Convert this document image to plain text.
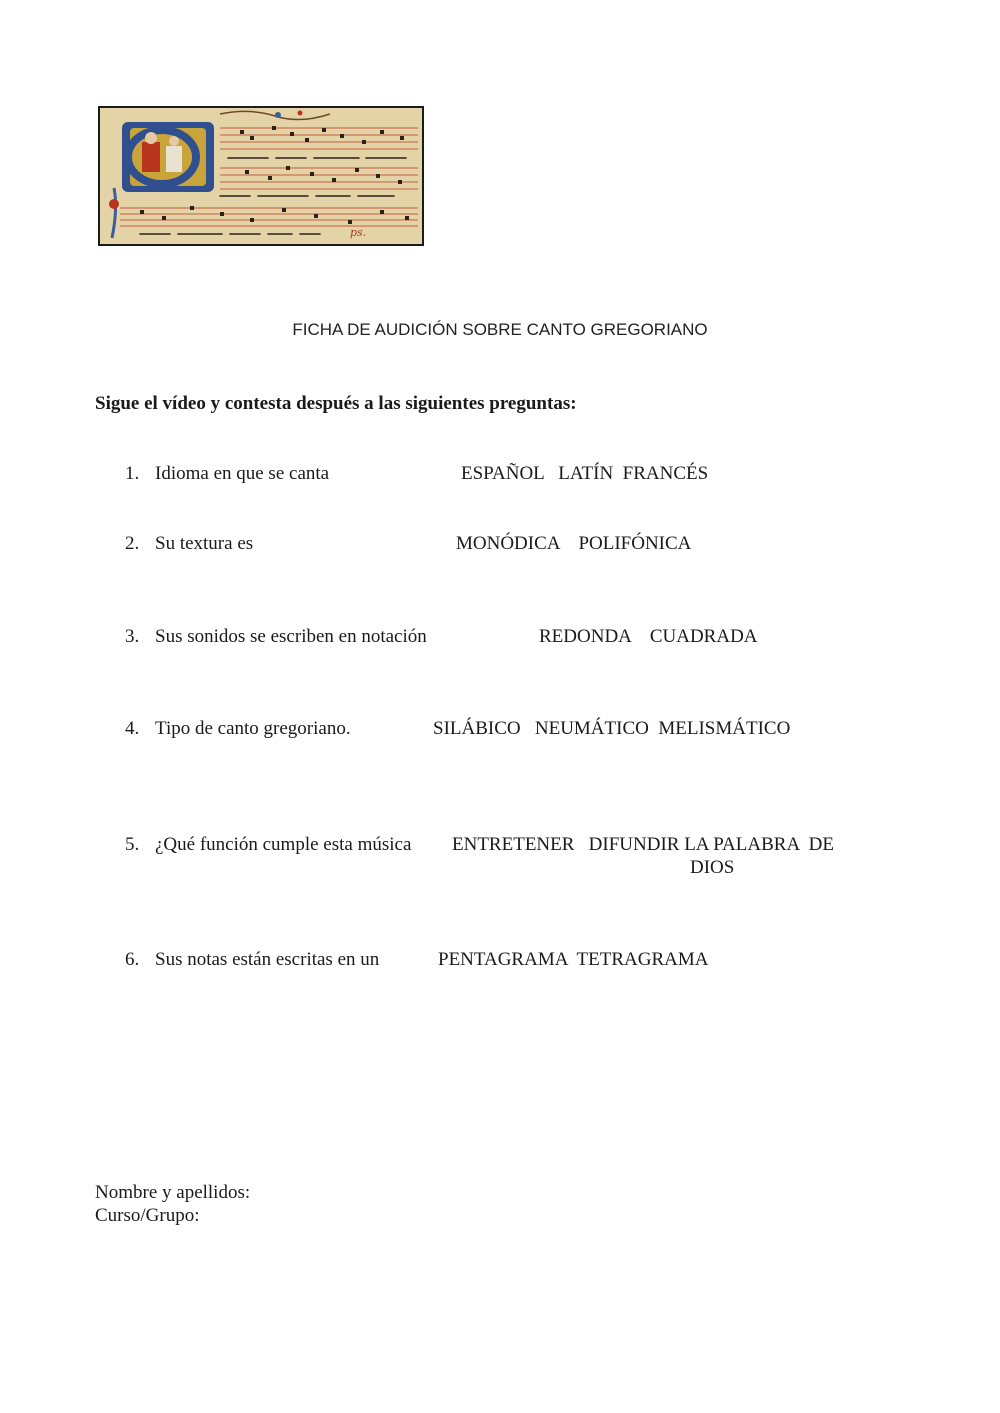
ps.
FICHA DE AUDICIÓN SOBRE CANTO GREGORIANO
Sigue el vídeo y contesta después a las siguientes preguntas:
1. Idioma en que se canta	ESPAÑOL   LATÍN  FRANCÉS
2. Su textura es	MONÓDICA    POLIFÓNICA
3. Sus sonidos se escriben en notación	REDONDA    CUADRADA
4. Tipo de canto gregoriano.	SILÁBICO   NEUMÁTICO  MELISMÁTICO
5. ¿Qué función cumple esta música ENTRETENER   DIFUNDIR LA PALABRA  DE
DIOS
6. Sus notas están escritas en un	PENTAGRAMA  TETRAGRAMA
Nombre y apellidos:
Curso/Grupo:
